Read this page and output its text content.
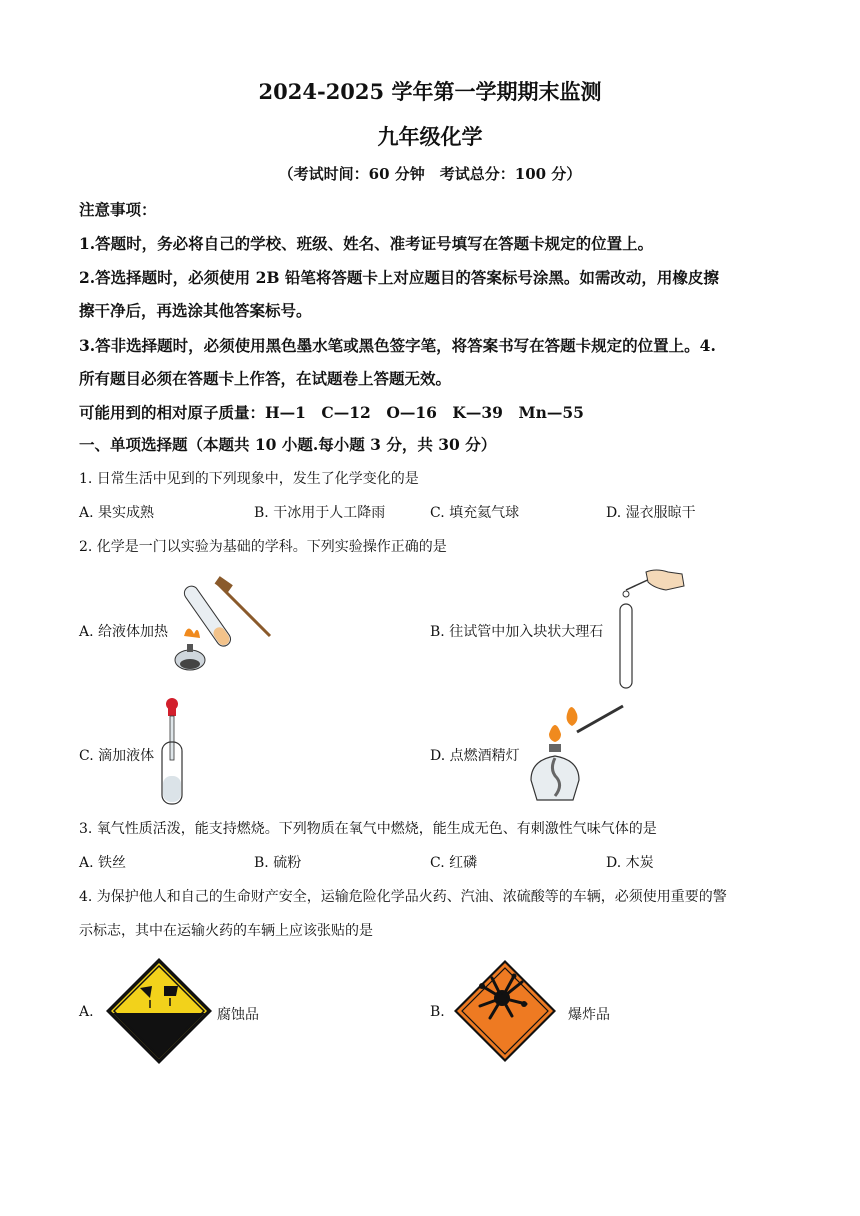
2024-2025 学年第一学期期末监测
九年级化学
（考试时间：60 分钟　考试总分：100 分）
注意事项：
1.答题时，务必将自己的学校、班级、姓名、准考证号填写在答题卡规定的位置上。
2.答选择题时，必须使用 2B 铅笔将答题卡上对应题目的答案标号涂黑。如需改动，用橡皮擦
擦干净后，再选涂其他答案标号。
3.答非选择题时，必须使用黑色墨水笔或黑色签字笔，将答案书写在答题卡规定的位置上。4.
所有题目必须在答题卡上作答，在试题卷上答题无效。
可能用到的相对原子质量：H—1　C—12　O—16　K—39　Mn—55
一、单项选择题（本题共 10 小题.每小题 3 分，共 30 分）
1. 日常生活中见到的下列现象中，发生了化学变化的是
A. 果实成熟	B. 干冰用于人工降雨	C. 填充氦气球	D. 湿衣服晾干
2. 化学是一门以实验为基础的学科。下列实验操作正确的是
A. 给液体加热	B. 往试管中加入块状大理石
C. 滴加液体	D. 点燃酒精灯
3. 氧气性质活泼，能支持燃烧。下列物质在氧气中燃烧，能生成无色、有刺激性气味气体的是
A. 铁丝	B. 硫粉	C. 红磷	D. 木炭
4. 为保护他人和自己的生命财产安全，运输危险化学品火药、汽油、浓硫酸等的车辆，必须使用重要的警
示标志，其中在运输火药的车辆上应该张贴的是
A.	腐蚀品	B.	爆炸品
